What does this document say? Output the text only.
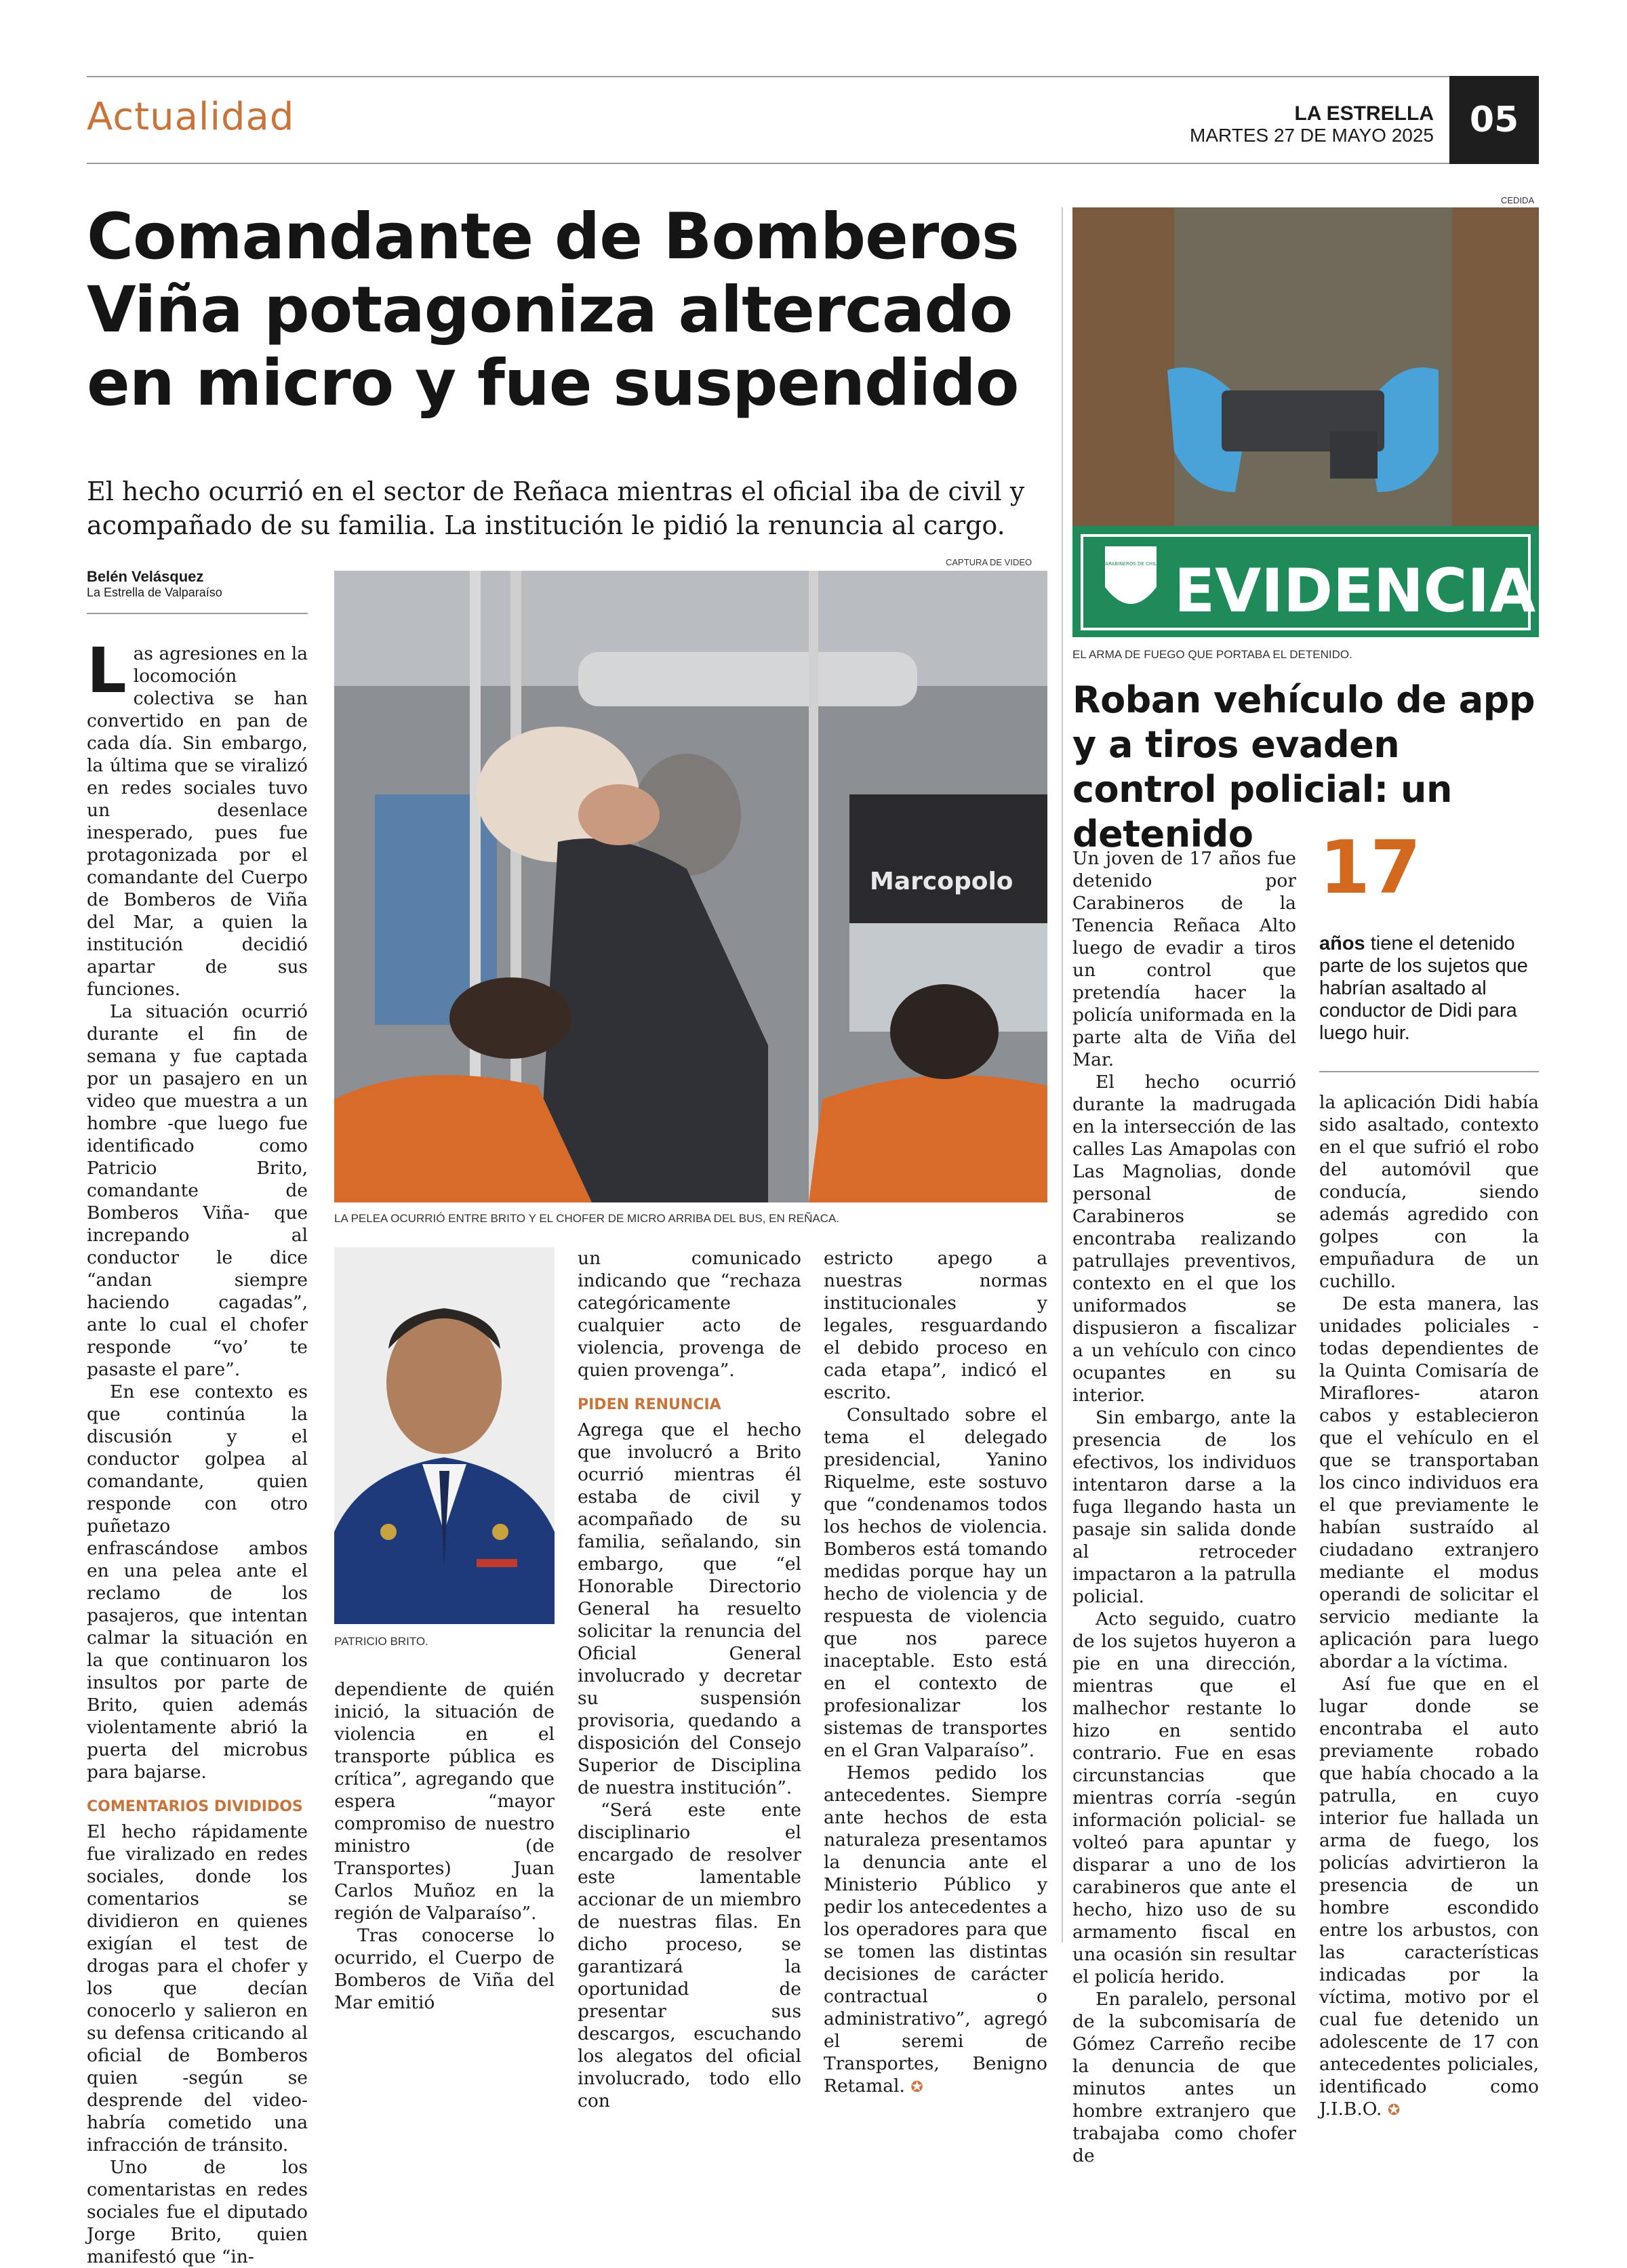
Actualidad	LA ESTRELLA
MARTES 27 DE MAYO 2025	05
Comandante de Bomberos Viña potagoniza altercado en micro y fue suspendido
El hecho ocurrió en el sector de Reñaca mientras el oficial iba de civil y acompañado de su familia. La institución le pidió la renuncia al cargo.
Belén Velásquez
La Estrella de Valparaíso

Las agresiones en la locomoción colectiva se han convertido en pan de cada día. Sin embargo, la última que se viralizó en redes sociales tuvo un desenlace inesperado, pues fue protagonizada por el comandante del Cuerpo de Bomberos de Viña del Mar, a quien la institución decidió apartar de sus funciones.

La situación ocurrió durante el fin de semana y fue captada por un pasajero en un video que muestra a un hombre -que luego fue identificado como Patricio Brito, comandante de Bomberos Viña- que increpando al conductor le dice “andan siempre haciendo cagadas”, ante lo cual el chofer responde “vo’ te pasaste el pare”.

En ese contexto es que continúa la discusión y el conductor golpea al comandante, quien responde con otro puñetazo enfrascándose ambos en una pelea ante el reclamo de los pasajeros, que intentan calmar la situación en la que continuaron los insultos por parte de Brito, quien además violentamente abrió la puerta del microbus para bajarse.

COMENTARIOS DIVIDIDOS

El hecho rápidamente fue viralizado en redes sociales, donde los comentarios se dividieron en quienes exigían el test de drogas para el chofer y los que decían conocerlo y salieron en su defensa criticando al oficial de Bomberos quien -según se desprende del video- habría cometido una infracción de tránsito.

Uno de los comentaristas en redes sociales fue el diputado Jorge Brito, quien manifestó que “in-

CAPTURA DE VIDEO
Marcopolo
LA PELEA OCURRIÓ ENTRE BRITO Y EL CHOFER DE MICRO ARRIBA DEL BUS, EN REÑACA.
PATRICIO BRITO.

dependiente de quién inició, la situación de violencia en el transporte pública es crítica”, agregando que espera “mayor compromiso de nuestro ministro (de Transportes) Juan Carlos Muñoz en la región de Valparaíso”.

Tras conocerse lo ocurrido, el Cuerpo de Bomberos de Viña del Mar emitió

un comunicado indicando que “rechaza categóricamente cualquier acto de violencia, provenga de quien provenga”.

PIDEN RENUNCIA

Agrega que el hecho que involucró a Brito ocurrió mientras él estaba de civil y acompañado de su familia, señalando, sin embargo, que “el Honorable Directorio General ha resuelto solicitar la renuncia del Oficial General involucrado y decretar su suspensión provisoria, quedando a disposición del Consejo Superior de Disciplina de nuestra institución”.

“Será este ente disciplinario el encargado de resolver este lamentable accionar de un miembro de nuestras filas. En dicho proceso, se garantizará la oportunidad de presentar sus descargos, escuchando los alegatos del oficial involucrado, todo ello con

estricto apego a nuestras normas institucionales y legales, resguardando el debido proceso en cada etapa”, indicó el escrito.

Consultado sobre el tema el delegado presidencial, Yanino Riquelme, este sostuvo que “condenamos todos los hechos de violencia. Bomberos está tomando medidas porque hay un hecho de violencia y de respuesta de violencia que nos parece inaceptable. Esto está en el contexto de profesionalizar los sistemas de transportes en el Gran Valparaíso”.

Hemos pedido los antecedentes. Siempre ante hechos de esta naturaleza presentamos la denuncia ante el Ministerio Público y pedir los antecedentes a los operadores para que se tomen las distintas decisiones de carácter contractual o administrativo”, agregó el seremi de Transportes, Benigno Retamal. ✪

CEDIDA
CARABINEROS DE CHILE EVIDENCIA
EL ARMA DE FUEGO QUE PORTABA EL DETENIDO.
Roban vehículo de app y a tiros evaden control policial: un detenido

Un joven de 17 años fue detenido por Carabineros de la Tenencia Reñaca Alto luego de evadir a tiros un control que pretendía hacer la policía uniformada en la parte alta de Viña del Mar.

El hecho ocurrió durante la madrugada en la intersección de las calles Las Amapolas con Las Magnolias, donde personal de Carabineros se encontraba realizando patrullajes preventivos, contexto en el que los uniformados se dispusieron a fiscalizar a un vehículo con cinco ocupantes en su interior.

Sin embargo, ante la presencia de los efectivos, los individuos intentaron darse a la fuga llegando hasta un pasaje sin salida donde al retroceder impactaron a la patrulla policial.

Acto seguido, cuatro de los sujetos huyeron a pie en una dirección, mientras que el malhechor restante lo hizo en sentido contrario. Fue en esas circunstancias que mientras corría -según información policial- se volteó para apuntar y disparar a uno de los carabineros que ante el hecho, hizo uso de su armamento fiscal en una ocasión sin resultar el policía herido.

En paralelo, personal de la subcomisaría de Gómez Carreño recibe la denuncia de que minutos antes un hombre extranjero que trabajaba como chofer de

17
años tiene el detenido parte de los sujetos que habrían asaltado al conductor de Didi para luego huir.

la aplicación Didi había sido asaltado, contexto en el que sufrió el robo del automóvil que conducía, siendo además agredido con golpes con la empuñadura de un cuchillo.

De esta manera, las unidades policiales -todas dependientes de la Quinta Comisaría de Miraflores- ataron cabos y establecieron que el vehículo en el que se transportaban los cinco individuos era el que previamente le habían sustraído al ciudadano extranjero mediante el modus operandi de solicitar el servicio mediante la aplicación para luego abordar a la víctima.

Así fue que en el lugar donde se encontraba el auto previamente robado que había chocado a la patrulla, en cuyo interior fue hallada un arma de fuego, los policías advirtieron la presencia de un hombre escondido entre los arbustos, con las características indicadas por la víctima, motivo por el cual fue detenido un adolescente de 17 con antecedentes policiales, identificado como J.I.B.O. ✪
